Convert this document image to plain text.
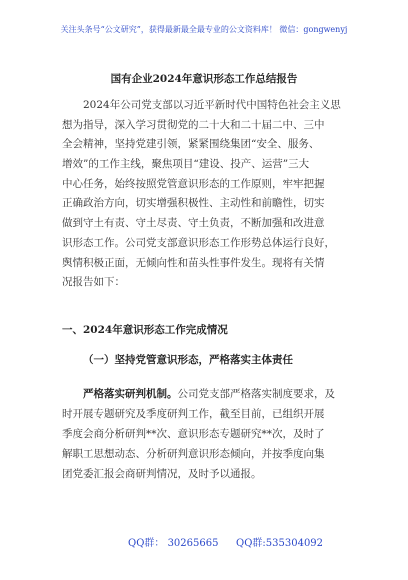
关注头条号“公文研究”，获得最新最全最专业的公文资料库！ 微信：gongwenyj
国有企业2024年意识形态工作总结报告
2024年公司党支部以习近平新时代中国特色社会主义思
想为指导，深入学习贯彻党的二十大和二十届二中、三中
全会精神，坚持党建引领，紧紧围绕集团“安全、服务、
增效”的工作主线，聚焦项目“建设、投产、运营”三大
中心任务，始终按照党管意识形态的工作原则，牢牢把握
正确政治方向，切实增强积极性、主动性和前瞻性，切实
做到守土有责、守土尽责、守土负责，不断加强和改进意
识形态工作。公司党支部意识形态工作形势总体运行良好，
舆情积极正面，无倾向性和苗头性事件发生。现将有关情
况报告如下：
一、2024年意识形态工作完成情况
（一）坚持党管意识形态，严格落实主体责任
严格落实研判机制。公司党支部严格落实制度要求，及
时开展专题研究及季度研判工作，截至目前，已组织开展
季度会商分析研判**次、意识形态专题研究**次，及时了
解职工思想动态、分析研判意识形态倾向，并按季度向集
团党委汇报会商研判情况，及时予以通报。
QQ群： 30265665 QQ群:535304092
